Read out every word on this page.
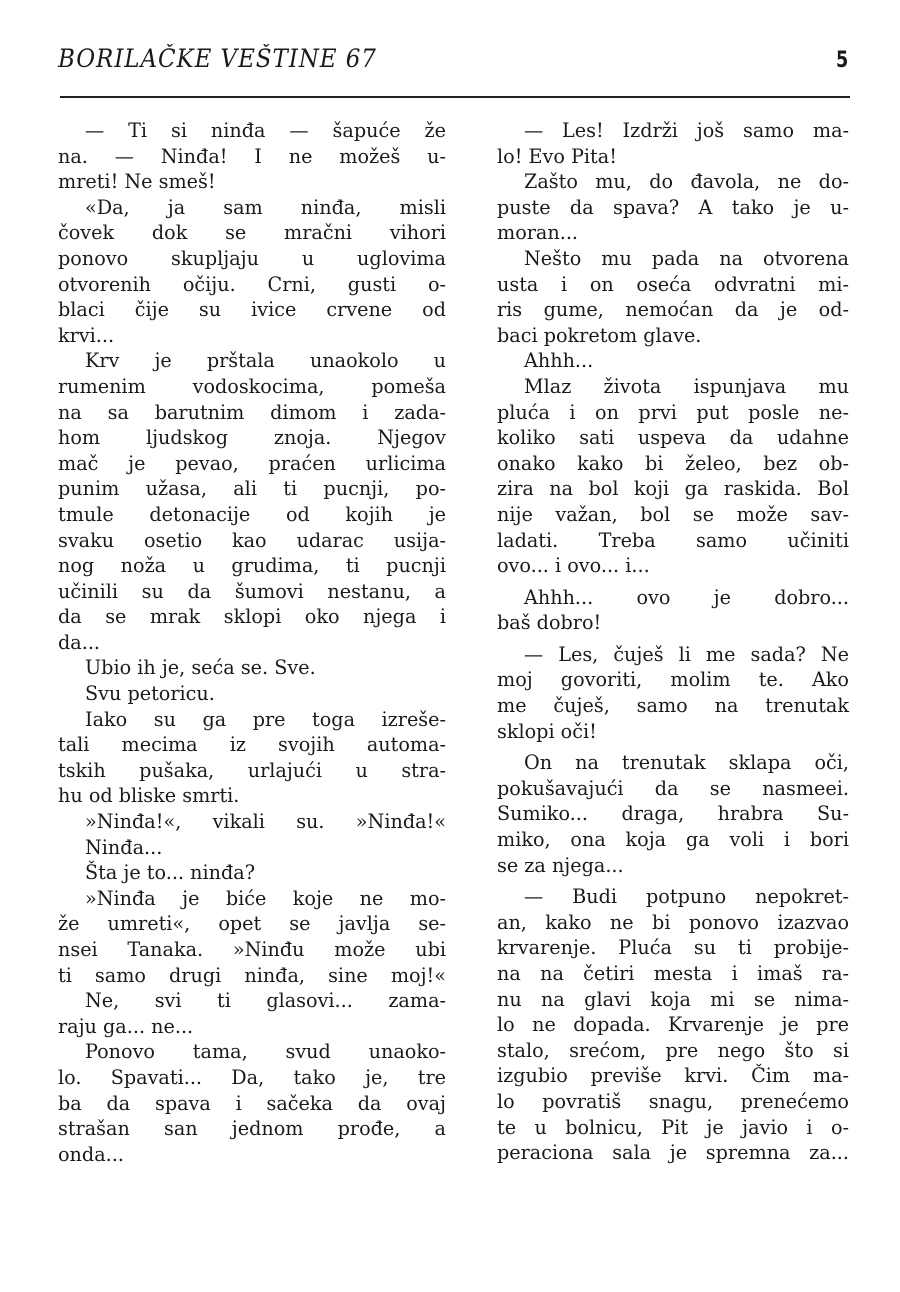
BORILAČKE VEŠTINE 67	5
— Ti si ninđa — šapuće že
na. — Ninđa! I ne možeš u-
mreti! Ne smeš!
«Da, ja sam ninđa, misli
čovek dok se mračni vihori
ponovo skupljaju u uglovima
otvorenih očiju. Crni, gusti o-
blaci čije su ivice crvene od
krvi...
Krv je prštala unaokolo u
rumenim vodoskocima, pomeša
na sa barutnim dimom i zada-
hom ljudskog znoja. Njegov
mač je pevao, praćen urlicima
punim užasa, ali ti pucnji, po-
tmule detonacije od kojih je
svaku osetio kao udarac usija-
nog noža u grudima, ti pucnji
učinili su da šumovi nestanu, a
da se mrak sklopi oko njega i
da...
Ubio ih je, seća se. Sve.
Svu petoricu.
Iako su ga pre toga izreše-
tali mecima iz svojih automa-
tskih pušaka, urlajući u stra-
hu od bliske smrti.
»Ninđa!«, vikali su. »Ninđa!«
Ninđa...
Šta je to... ninđa?
»Ninđa je biće koje ne mo-
že umreti«, opet se javlja se-
nsei Tanaka. »Ninđu može ubi
ti samo drugi ninđa, sine moj!«
Ne, svi ti glasovi... zama-
raju ga... ne...
Ponovo tama, svud unaoko-
lo. Spavati... Da, tako je, tre
ba da spava i sačeka da ovaj
strašan san jednom prođe, a
onda...
— Les! Izdrži još samo ma-
lo! Evo Pita!
Zašto mu, do đavola, ne do-
puste da spava? A tako je u-
moran...
Nešto mu pada na otvorena
usta i on oseća odvratni mi-
ris gume, nemoćan da je od-
baci pokretom glave.
Ahhh...
Mlaz života ispunjava mu
pluća i on prvi put posle ne-
koliko sati uspeva da udahne
onako kako bi želeo, bez ob-
zira na bol koji ga raskida. Bol
nije važan, bol se može sav-
ladati. Treba samo učiniti
ovo... i ovo... i...
Ahhh... ovo je dobro...
baš dobro!
— Les, čuješ li me sada? Ne
moj govoriti, molim te. Ako
me čuješ, samo na trenutak
sklopi oči!
On na trenutak sklapa oči,
pokušavajući da se nasmeei.
Sumiko... draga, hrabra Su-
miko, ona koja ga voli i bori
se za njega...
— Budi potpuno nepokret-
an, kako ne bi ponovo izazvao
krvarenje. Pluća su ti probije-
na na četiri mesta i imaš ra-
nu na glavi koja mi se nima-
lo ne dopada. Krvarenje je pre
stalo, srećom, pre nego što si
izgubio previše krvi. Čim ma-
lo povratiš snagu, prenećemo
te u bolnicu, Pit je javio i o-
peraciona sala je spremna za...
